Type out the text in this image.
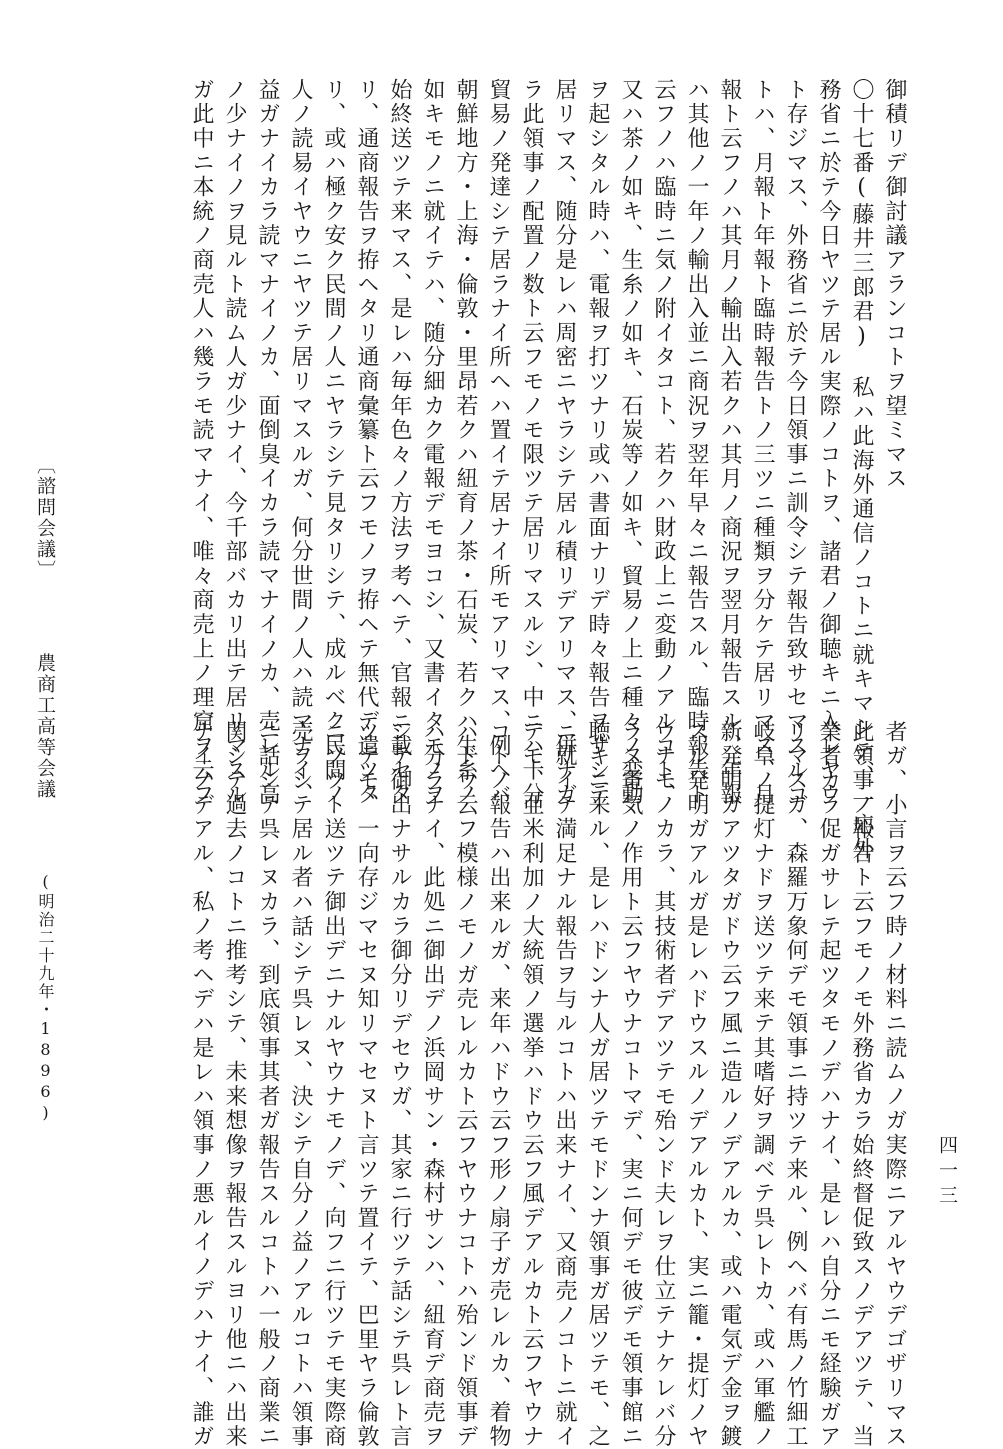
御積リデ御討議アランコトヲ望ミマス
〇十七番(藤井三郎君)　私ハ此海外通信ノコトニ就キマシテ、一応外
務省ニ於テ今日ヤツテ居ル実際ノコトヲ、諸君ノ御聴キニ入レヤウ
ト存ジマス、外務省ニ於テ今日領事ニ訓令シテ報告致サセマスルコ
トハ、月報ト年報ト臨時報告トノ三ツニ種類ヲ分ケテ居リマス、月
報ト云フノハ其月ノ輸出入若クハ其月ノ商況ヲ翌月報告スル、年報
ハ其他ノ一年ノ輸出入並ニ商況ヲ翌年早々ニ報告スル、臨時報告ト
云フノハ臨時ニ気ノ附イタコト、若クハ財政上ニ変動ノアルコト、
又ハ茶ノ如キ、生糸ノ如キ、石炭等ノ如キ、貿易ノ上ニ種々ノ変動
ヲ起シタル時ハ、電報ヲ打ツナリ或ハ書面ナリデ時々報告ヲサシテ
居リマス、随分是レハ周密ニヤラシテ居ル積リデアリマス、併ナガ
ラ此領事ノ配置ノ数ト云フモノモ限ツテ居リマスルシ、中ニハ十分
貿易ノ発達シテ居ラナイ所ヘハ置イテ居ナイ所モアリマス、例ヘバ
朝鮮地方・上海・倫敦・里昂若クハ紐育ノ茶・石炭、若クハ生糸ノ
如キモノニ就イテハ、随分細カク電報デモヨコシ、又書イタモノヲ
始終送ツテ来マス、是レハ毎年色々ノ方法ヲ考ヘテ、官報ニ載セタ
リ、通商報告ヲ拵ヘタリ通商彙纂ト云フモノヲ拵ヘテ無代デ遣ツタ
リ、或ハ極ク安ク民間ノ人ニヤラシテ見タリシテ、成ルベク民間ノ
人ノ読易イヤウニヤツテ居リマスルガ、何分世間ノ人ハ読マナイ、
益ガナイカラ読マナイノカ、面倒臭イカラ読マナイノカ、売レル高
ノ少ナイノヲ見ルト読ム人ガ少ナイ、今千部バカリ出テ居リマスル
ガ此中ニ本統ノ商売人ハ幾ラモ読マナイ、唯々商売上ノ理窟ヲ云フ
者ガ、小言ヲ云フ時ノ材料ニ読ムノガ実際ニアルヤウデゴザリマス
此領事ノ報告ト云フモノモ外務省カラ始終督促致スノデアツテ、当
業者カラ促ガサレテ起ツタモノデハナイ、是レハ自分ニモ経験ガア
リマスガ、森羅万象何デモ領事ニ持ツテ来ル、例ヘバ有馬ノ竹細工
岐阜ノ提灯ナドヲ送ツテ来テ其嗜好ヲ調ベテ呉レトカ、或ハ軍艦ノ
新発明ガアツタガドウ云フ風ニ造ルノデアルカ、或ハ電気デ金ヲ鍍
スル発明ガアルガ是レハドウスルノデアルカト、実ニ籠・提灯ノヤ
ウナモノカラ、其技術者デアツテモ殆ンド夫レヲ仕立テナケレバ分
ラヌ電気ノ作用ト云フヤウナコトマデ、実ニ何デモ彼デモ領事館ニ
聴キニ来ル、是レハドンナ人ガ居ツテモドンナ領事ガ居ツテモ、之
ニ就イテ満足ナル報告ヲ与ルコトハ出来ナイ、又商売ノコトニ就イ
テモ、亜米利加ノ大統領ノ選挙ハドウ云フ風デアルカト云フヤウナ
コトノ報告ハ出来ルガ、来年ハドウ云フ形ノ扇子ガ売レルカ、着物
ハドウ云フ模様ノモノガ売レルカト云フヤウナコトハ殆ンド領事デ
ハ分ラナイ、此処ニ御出デノ浜岡サン・森村サンハ、紐育デ商売ヲ
シテ御出ナサルカラ御分リデセウガ、其家ニ行ツテ話シテ呉レト言
ツテモ、一向存ジマセヌ知リマセヌト言ツテ置イテ、巴里ヤラ倫敦
ニソツト送ツテ御出デニナルヤウナモノデ、向フニ行ツテモ実際商
売ヲシテ居ル者ハ話シテ呉レヌ、決シテ自分ノ益ノアルコトハ領事
ニ話シテ呉レヌカラ、到底領事其者ガ報告スルコトハ一般ノ商業ニ
関シテ過去ノコトニ推考シテ、未来想像ヲ報告スルヨリ他ニハ出来
ナイノデアル、私ノ考ヘデハ是レハ領事ノ悪ルイノデハナイ、誰ガ
〔諮問会議〕  農商工高等会議  (明治二十九年・1896)
四一三
